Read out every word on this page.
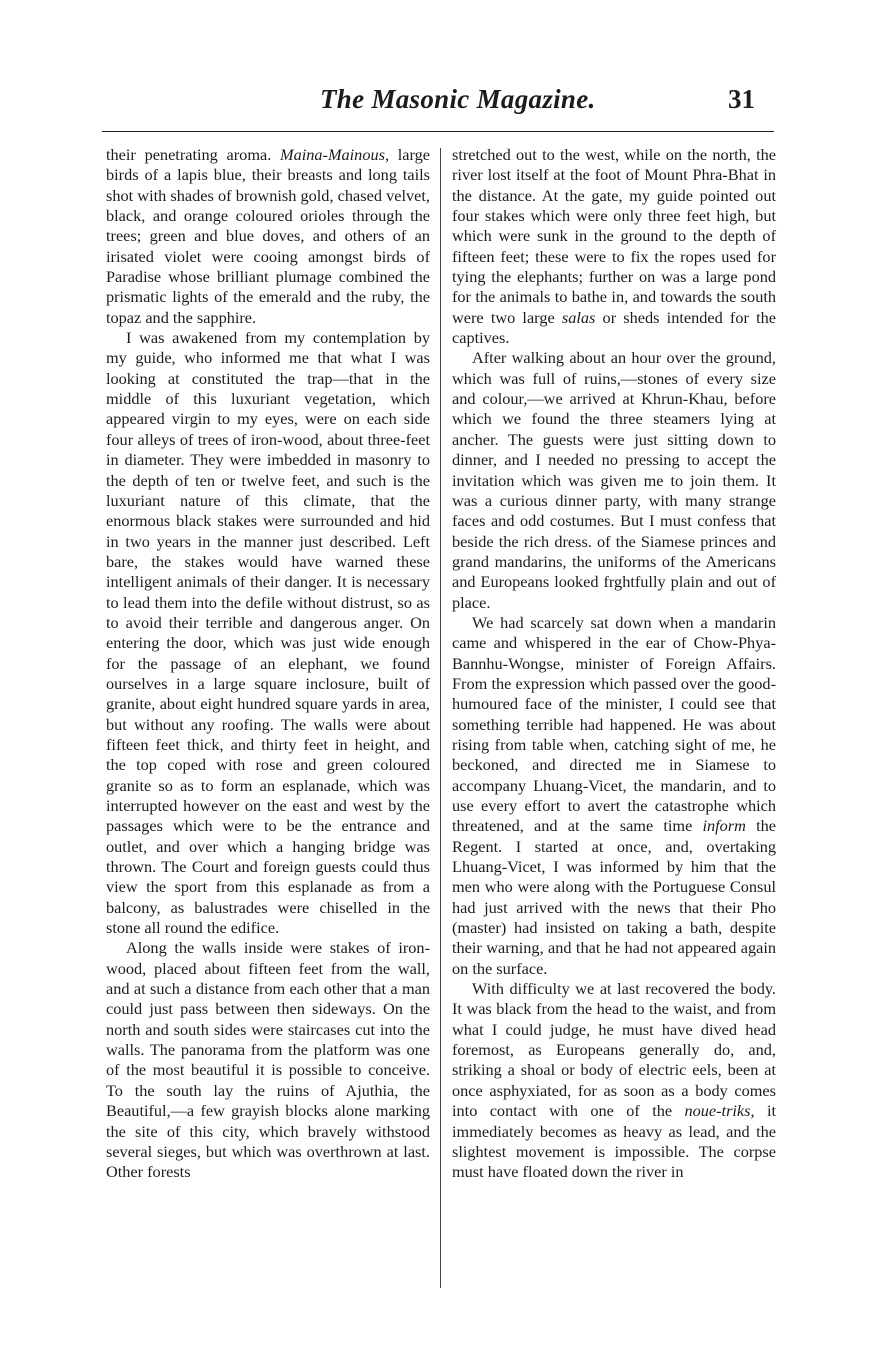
The Masonic Magazine.	31

their penetrating aroma. Maina-Mainous, large birds of a lapis blue, their breasts and long tails shot with shades of brownish gold, chased velvet, black, and orange coloured orioles through the trees; green and blue doves, and others of an irisated violet were cooing amongst birds of Paradise whose brilliant plumage combined the prismatic lights of the emerald and the ruby, the topaz and the sapphire.

I was awakened from my contemplation by my guide, who informed me that what I was looking at constituted the trap—that in the middle of this luxuriant vegetation, which appeared virgin to my eyes, were on each side four alleys of trees of iron-wood, about three-feet in diameter. They were imbedded in masonry to the depth of ten or twelve feet, and such is the luxuriant nature of this climate, that the enormous black stakes were surrounded and hid in two years in the manner just described. Left bare, the stakes would have warned these intelligent animals of their danger. It is necessary to lead them into the defile without distrust, so as to avoid their terrible and dangerous anger. On entering the door, which was just wide enough for the passage of an elephant, we found ourselves in a large square inclosure, built of granite, about eight hundred square yards in area, but without any roofing. The walls were about fifteen feet thick, and thirty feet in height, and the top coped with rose and green coloured granite so as to form an esplanade, which was interrupted however on the east and west by the passages which were to be the entrance and outlet, and over which a hanging bridge was thrown. The Court and foreign guests could thus view the sport from this esplanade as from a balcony, as balustrades were chiselled in the stone all round the edifice.

Along the walls inside were stakes of iron-wood, placed about fifteen feet from the wall, and at such a distance from each other that a man could just pass between then sideways. On the north and south sides were staircases cut into the walls. The panorama from the platform was one of the most beautiful it is possible to conceive. To the south lay the ruins of Ajuthia, the Beautiful,—a few grayish blocks alone marking the site of this city, which bravely withstood several sieges, but which was overthrown at last. Other forests

stretched out to the west, while on the north, the river lost itself at the foot of Mount Phra-Bhat in the distance. At the gate, my guide pointed out four stakes which were only three feet high, but which were sunk in the ground to the depth of fifteen feet; these were to fix the ropes used for tying the elephants; further on was a large pond for the animals to bathe in, and towards the south were two large salas or sheds intended for the captives.

After walking about an hour over the ground, which was full of ruins,—stones of every size and colour,—we arrived at Khrun-Khau, before which we found the three steamers lying at ancher. The guests were just sitting down to dinner, and I needed no pressing to accept the invitation which was given me to join them. It was a curious dinner party, with many strange faces and odd costumes. But I must confess that beside the rich dress. of the Siamese princes and grand mandarins, the uniforms of the Americans and Europeans looked frghtfully plain and out of place.

We had scarcely sat down when a mandarin came and whispered in the ear of Chow-Phya-Bannhu-Wongse, minister of Foreign Affairs. From the expression which passed over the good-humoured face of the minister, I could see that something terrible had happened. He was about rising from table when, catching sight of me, he beckoned, and directed me in Siamese to accompany Lhuang-Vicet, the mandarin, and to use every effort to avert the catastrophe which threatened, and at the same time inform the Regent. I started at once, and, overtaking Lhuang-Vicet, I was informed by him that the men who were along with the Portuguese Consul had just arrived with the news that their Pho (master) had insisted on taking a bath, despite their warning, and that he had not appeared again on the surface.

With difficulty we at last recovered the body. It was black from the head to the waist, and from what I could judge, he must have dived head foremost, as Europeans generally do, and, striking a shoal or body of electric eels, been at once asphyxiated, for as soon as a body comes into contact with one of the noue-triks, it immediately becomes as heavy as lead, and the slightest movement is impossible. The corpse must have floated down the river in
